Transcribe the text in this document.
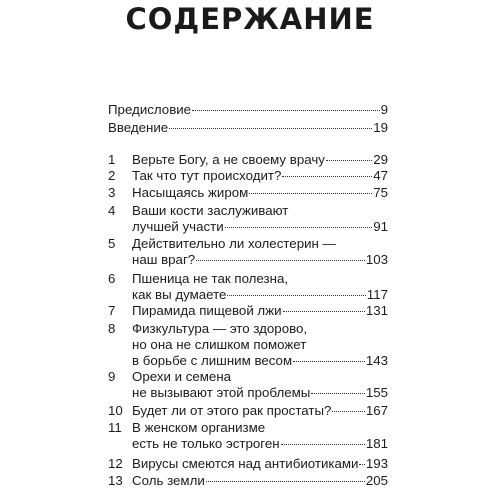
СОДЕРЖАНИЕ
Предисловие	9
Введение	19
1	Верьте Богу, а не своему врачу	29
2	Так что тут происходит?	47
3	Насыщаясь жиром	75
4	Ваши кости заслуживают
лучшей участи	91
5	Действительно ли холестерин —
наш враг?	103
6	Пшеница не так полезна,
как вы думаете	117
7	Пирамида пищевой лжи	131
8	Физкультура — это здорово,
но она не слишком поможет
в борьбе с лишним весом	143
9	Орехи и семена
не вызывают этой проблемы	155
10 Будет ли от этого рак простаты?	167
11 В женском организме
есть не только эстроген	181
12 Вирусы смеются над антибиотиками 193
13 Соль земли	205
